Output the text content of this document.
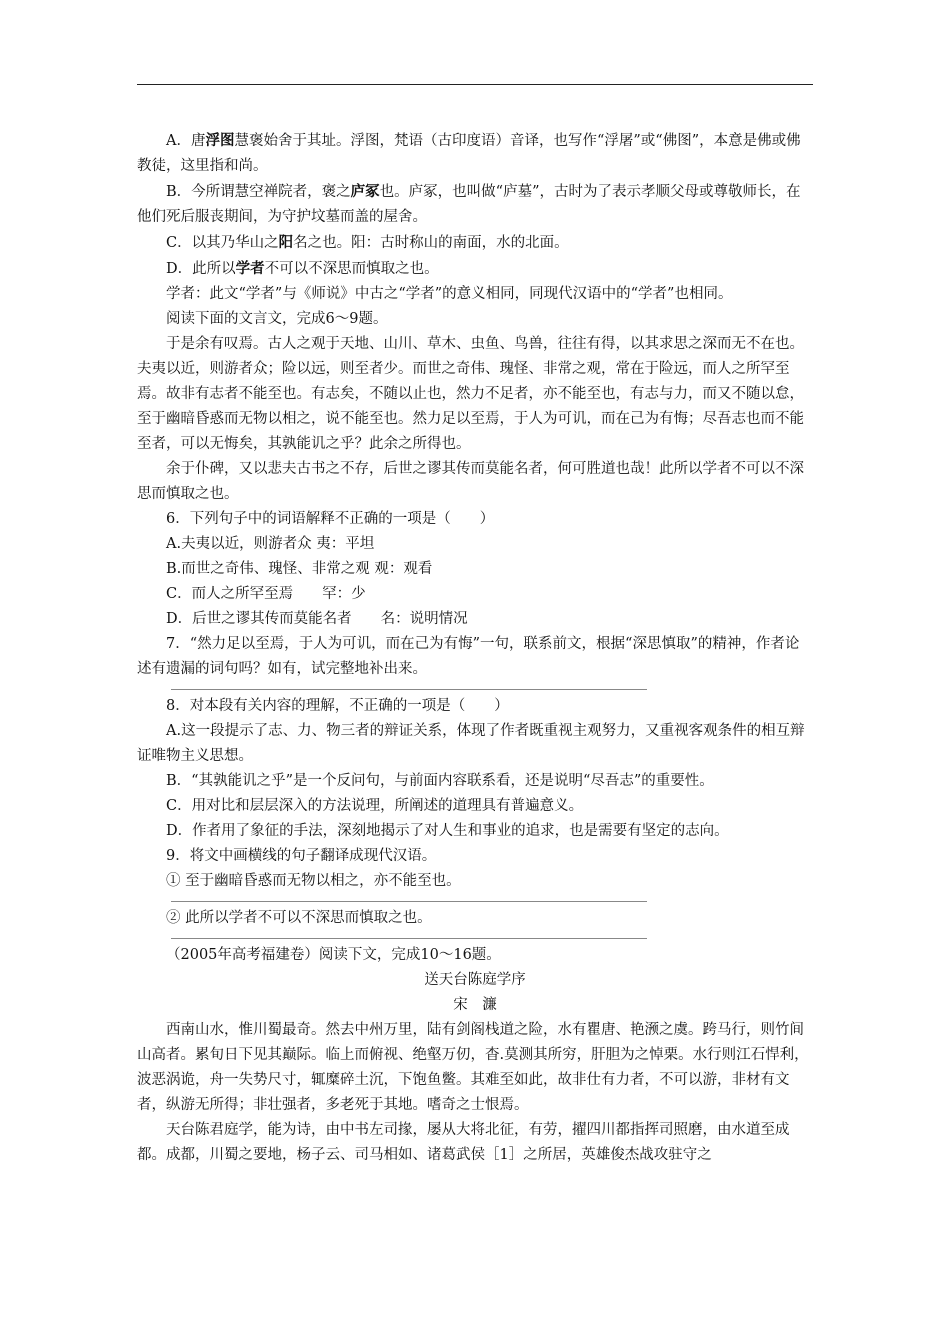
A．唐浮图慧褒始舍于其址。浮图，梵语（古印度语）音译，也写作“浮屠”或“佛图”，本意是佛或佛教徒，这里指和尚。

B．今所谓慧空禅院者，褒之庐冢也。庐冢，也叫做“庐墓”，古时为了表示孝顺父母或尊敬师长，在他们死后服丧期间，为守护坟墓而盖的屋舍。

C．以其乃华山之阳名之也。阳：古时称山的南面，水的北面。

D．此所以学者不可以不深思而慎取之也。

学者：此文“学者”与《师说》中古之“学者”的意义相同，同现代汉语中的“学者”也相同。

阅读下面的文言文，完成6～9题。

于是余有叹焉。古人之观于天地、山川、草木、虫鱼、鸟兽，往往有得，以其求思之深而无不在也。夫夷以近，则游者众；险以远，则至者少。而世之奇伟、瑰怪、非常之观，常在于险远，而人之所罕至焉。故非有志者不能至也。有志矣，不随以止也，然力不足者，亦不能至也，有志与力，而又不随以怠，至于幽暗昏惑而无物以相之，说不能至也。然力足以至焉，于人为可讥，而在己为有悔；尽吾志也而不能至者，可以无悔矣，其孰能讥之乎？此余之所得也。

余于仆碑，又以悲夫古书之不存，后世之谬其传而莫能名者，何可胜道也哉！此所以学者不可以不深思而慎取之也。

6．下列句子中的词语解释不正确的一项是（　　）

A.夫夷以近，则游者众 夷：平坦

B.而世之奇伟、瑰怪、非常之观 观：观看

C．而人之所罕至焉　　罕：少

D．后世之谬其传而莫能名者　　名：说明情况

7．“然力足以至焉，于人为可讥，而在己为有悔”一句，联系前文，根据“深思慎取”的精神，作者论述有遗漏的词句吗？如有，试完整地补出来。

8．对本段有关内容的理解，不正确的一项是（　　）

A.这一段提示了志、力、物三者的辩证关系，体现了作者既重视主观努力，又重视客观条件的相互辩证唯物主义思想。

B．“其孰能讥之乎”是一个反问句，与前面内容联系看，还是说明“尽吾志”的重要性。

C．用对比和层层深入的方法说理，所阐述的道理具有普遍意义。

D．作者用了象征的手法，深刻地揭示了对人生和事业的追求，也是需要有坚定的志向。

9．将文中画横线的句子翻译成现代汉语。

① 至于幽暗昏惑而无物以相之，亦不能至也。

② 此所以学者不可以不深思而慎取之也。

（2005年高考福建卷）阅读下文，完成10～16题。

送天台陈庭学序

宋　濂

西南山水，惟川蜀最奇。然去中州万里，陆有剑阁栈道之险，水有瞿唐、艳滪之虞。跨马行，则竹间山高者。累旬日下见其巅际。临上而俯视、绝壑万仞，杳.莫测其所穷，肝胆为之悼栗。水行则江石悍利，波恶涡诡，舟一失势尺寸，辄糜碎土沉，下饱鱼鳖。其难至如此，故非仕有力者，不可以游，非材有文者，纵游无所得；非壮强者，多老死于其地。嗜奇之士恨焉。

天台陈君庭学，能为诗，由中书左司掾，屡从大将北征，有劳，擢四川都指挥司照磨，由水道至成都。成都，川蜀之要地，杨子云、司马相如、诸葛武侯［1］之所居，英雄俊杰战攻驻守之
